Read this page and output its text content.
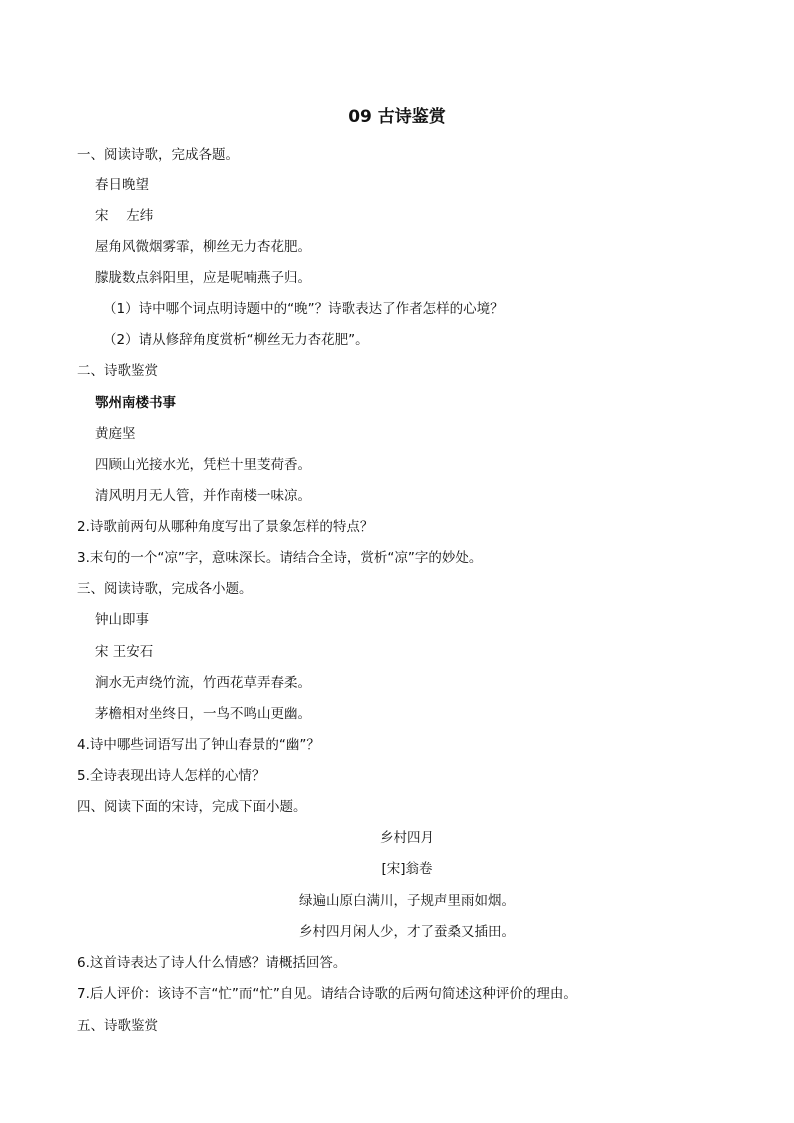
09 古诗鉴赏
一、阅读诗歌，完成各题。
春日晚望
宋　 左纬
屋角风微烟雾霏，柳丝无力杏花肥。
朦胧数点斜阳里，应是呢喃燕子归。
（1）诗中哪个词点明诗题中的“晚”？诗歌表达了作者怎样的心境？
（2）请从修辞角度赏析“柳丝无力杏花肥”。
二、诗歌鉴赏
鄂州南楼书事
黄庭坚
四顾山光接水光，凭栏十里芰荷香。
清风明月无人管，并作南楼一味凉。
2.诗歌前两句从哪种角度写出了景象怎样的特点？
3.末句的一个“凉”字，意味深长。请结合全诗，赏析“凉”字的妙处。
三、阅读诗歌，完成各小题。
钟山即事
宋 王安石
涧水无声绕竹流，竹西花草弄春柔。
茅檐相对坐终日，一鸟不鸣山更幽。
4.诗中哪些词语写出了钟山春景的“幽”？
5.全诗表现出诗人怎样的心情？
四、阅读下面的宋诗，完成下面小题。
乡村四月
[宋]翁卷
绿遍山原白满川，子规声里雨如烟。
乡村四月闲人少，才了蚕桑又插田。
6.这首诗表达了诗人什么情感？请概括回答。
7.后人评价：该诗不言“忙”而“忙”自见。请结合诗歌的后两句简述这种评价的理由。
五、诗歌鉴赏
